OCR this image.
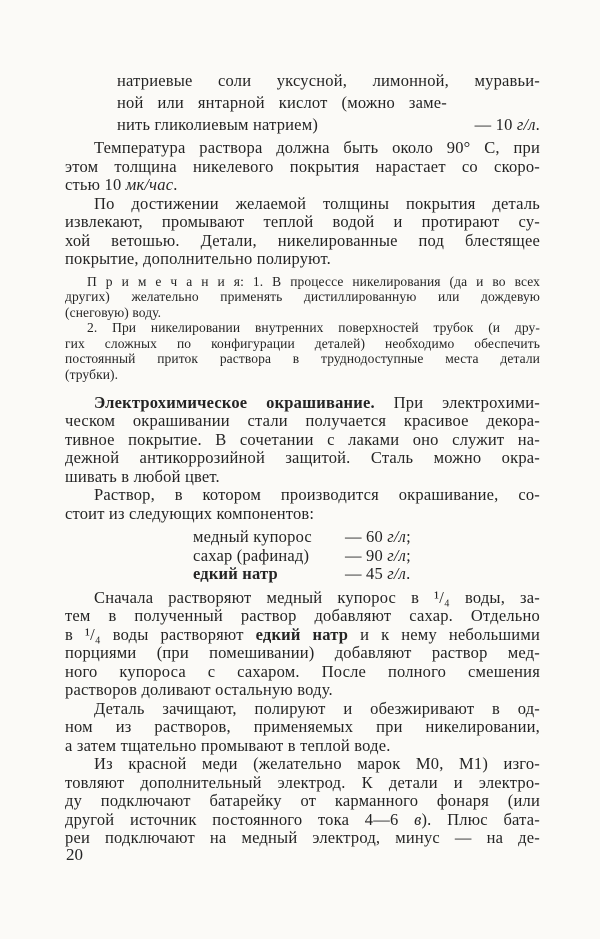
натриевые соли уксусной, лимонной, муравьи-
ной или янтарной кислот (можно заме-
нить гликолиевым натрием)	— 10 г/л.
Температура раствора должна быть около 90° С, при
этом толщина никелевого покрытия нарастает со скоро-
стью 10 мк/час.
По достижении желаемой толщины покрытия деталь
извлекают, промывают теплой водой и протирают су-
хой ветошью. Детали, никелированные под блестящее
покрытие, дополнительно полируют.
П р и м е ч а н и я: 1. В процессе никелирования (да и во всех
других) желательно применять дистиллированную или дождевую
(снеговую) воду.
2. При никелировании внутренних поверхностей трубок (и дру-
гих сложных по конфигурации деталей) необходимо обеспечить
постоянный приток раствора в труднодоступные места детали
(трубки).
Электрохимическое окрашивание. При электрохими-
ческом окрашивании стали получается красивое декора-
тивное покрытие. В сочетании с лаками оно служит на-
дежной антикоррозийной защитой. Сталь можно окра-
шивать в любой цвет.
Раствор, в котором производится окрашивание, со-
стоит из следующих компонентов:
медный купорос	— 60 г/л;
сахар (рафинад)	— 90 г/л;
едкий натр	— 45 г/л.
Сначала растворяют медный купорос в ¹/₄ воды, за-
тем в полученный раствор добавляют сахар. Отдельно
в ¹/₄ воды растворяют едкий натр и к нему небольшими
порциями (при помешивании) добавляют раствор мед-
ного купороса с сахаром. После полного смешения
растворов доливают остальную воду.
Деталь зачищают, полируют и обезжиривают в од-
ном из растворов, применяемых при никелировании,
а затем тщательно промывают в теплой воде.
Из красной меди (желательно марок М0, М1) изго-
товляют дополнительный электрод. К детали и электро-
ду подключают батарейку от карманного фонаря (или
другой источник постоянного тока 4—6 в). Плюс бата-
реи подключают на медный электрод, минус — на де-
20
